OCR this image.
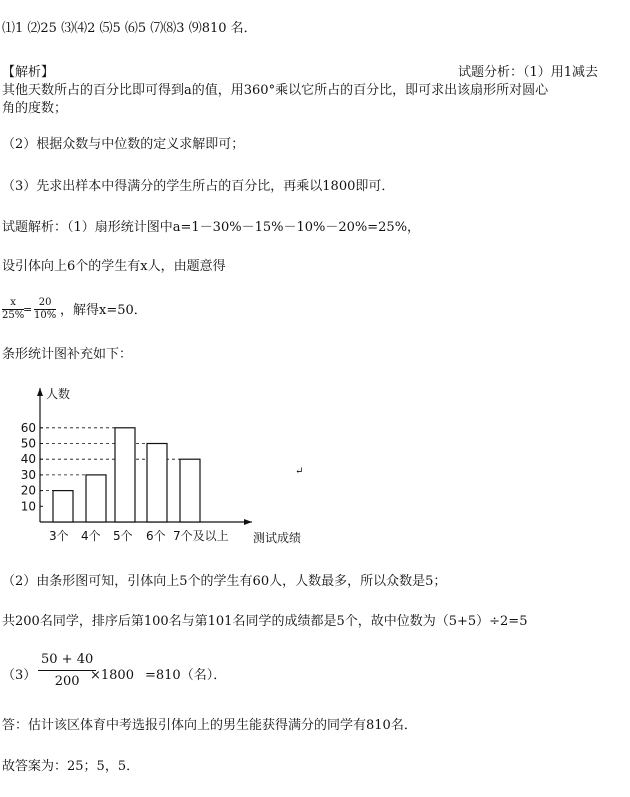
⑴1 ⑵25 ⑶⑷2 ⑸5 ⑹5 ⑺⑻3 ⑼810 名．
【解析】	试题分析：（1）用1减去
其他天数所占的百分比即可得到a的值，用360°乘以它所占的百分比，即可求出该扇形所对圆心
角的度数；
（2）根据众数与中位数的定义求解即可；
（3）先求出样本中得满分的学生所占的百分比，再乘以1800即可．
试题解析：（1）扇形统计图中a=1－30%－15%－10%－20%=25%，
设引体向上6个的学生有x人，由题意得
$\frac{x}{25\%}$
= $\frac{20}{10\%}$ ，解得x=50．
条形统计图补充如下：
10
20
30
40
50
60
3个 4个 5个 6个 7个及以上
人数
测试成绩
↵
（2）由条形图可知，引体向上5个的学生有60人，人数最多，所以众数是5；
共200名同学，排序后第100名与第101名同学的成绩都是5个，故中位数为（5+5）÷2=5
$(3) \frac{50 + 40}{200}$
×1800 =810（名）．
答：估计该区体育中考选报引体向上的男生能获得满分的同学有810名．
故答案为：25；5，5．
